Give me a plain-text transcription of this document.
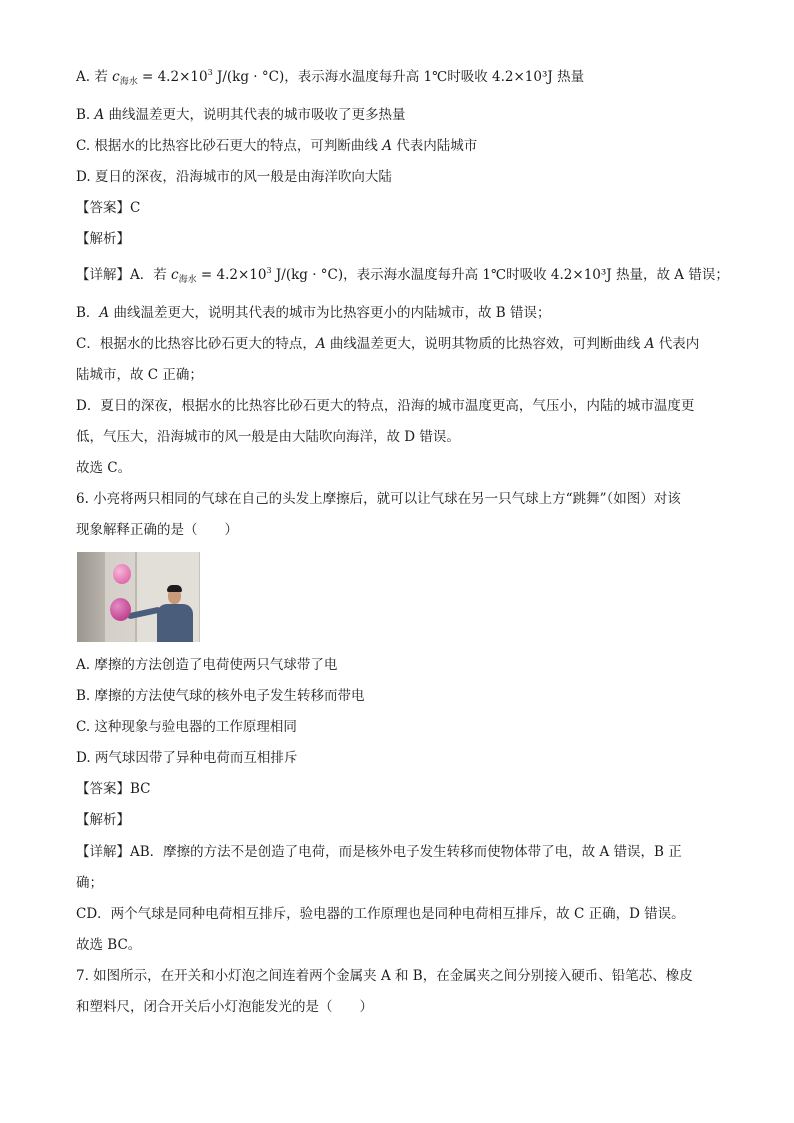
A. 若 $c_{海水} = 4.2\times 10^3$ J/(kg · °C)，表示海水温度每升高 1℃时吸收 4.2×10³J 热量
B. A 曲线温差更大，说明其代表的城市吸收了更多热量
C. 根据水的比热容比砂石更大的特点，可判断曲线 A 代表内陆城市
D. 夏日的深夜，沿海城市的风一般是由海洋吹向大陆
【答案】C
【解析】
【详解】A．若 $c_{海水} = 4.2\times 10^3$ J/(kg · °C)，表示海水温度每升高 1℃时吸收 4.2×10³J 热量，故 A 错误；
B．A 曲线温差更大，说明其代表的城市为比热容更小的内陆城市，故 B 错误；
C．根据水的比热容比砂石更大的特点，A 曲线温差更大，说明其物质的比热容效，可判断曲线 A 代表内
陆城市，故 C 正确；
D．夏日的深夜，根据水的比热容比砂石更大的特点，沿海的城市温度更高，气压小，内陆的城市温度更
低，气压大，沿海城市的风一般是由大陆吹向海洋，故 D 错误。
故选 C。
6. 小亮将两只相同的气球在自己的头发上摩擦后，就可以让气球在另一只气球上方“跳舞”（如图）对该
现象解释正确的是（　　）
A. 摩擦的方法创造了电荷使两只气球带了电
B. 摩擦的方法使气球的核外电子发生转移而带电
C. 这种现象与验电器的工作原理相同
D. 两气球因带了异种电荷而互相排斥
【答案】BC
【解析】
【详解】AB．摩擦的方法不是创造了电荷，而是核外电子发生转移而使物体带了电，故 A 错误，B 正
确；
CD．两个气球是同种电荷相互排斥，验电器的工作原理也是同种电荷相互排斥，故 C 正确，D 错误。
故选 BC。
7. 如图所示，在开关和小灯泡之间连着两个金属夹 A 和 B，在金属夹之间分别接入硬币、铅笔芯、橡皮
和塑料尺，闭合开关后小灯泡能发光的是（　　）
